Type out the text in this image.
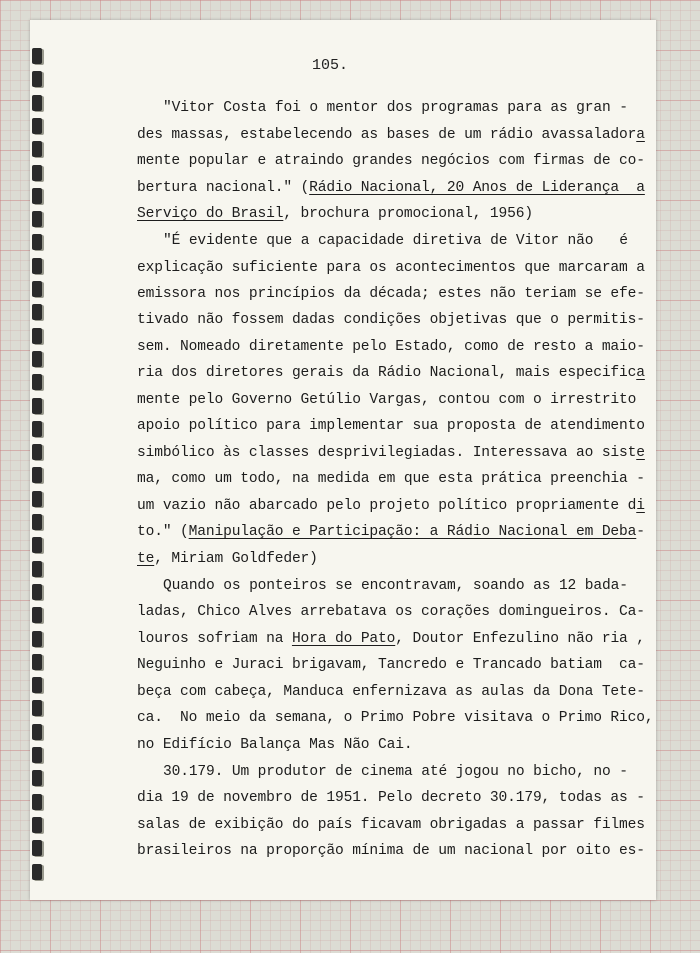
105.

"Vitor Costa foi o mentor dos programas para as gran -

des massas, estabelecendo as bases de um rádio avassaladora

mente popular e atraindo grandes negócios com firmas de co-

bertura nacional." (Rádio Nacional, 20 Anos de Liderança  a

Serviço do Brasil, brochura promocional, 1956)

"É evidente que a capacidade diretiva de Vitor não   é

explicação suficiente para os acontecimentos que marcaram a

emissora nos princípios da década; estes não teriam se efe-

tivado não fossem dadas condições objetivas que o permitis-

sem. Nomeado diretamente pelo Estado, como de resto a maio-

ria dos diretores gerais da Rádio Nacional, mais especifica

mente pelo Governo Getúlio Vargas, contou com o irrestrito

apoio político para implementar sua proposta de atendimento

simbólico às classes desprivilegiadas. Interessava ao siste

ma, como um todo, na medida em que esta prática preenchia -

um vazio não abarcado pelo projeto político propriamente di

to." (Manipulação e Participação: a Rádio Nacional em Deba-

te, Miriam Goldfeder)

Quando os ponteiros se encontravam, soando as 12 bada-

ladas, Chico Alves arrebatava os corações domingueiros. Ca-

louros sofriam na Hora do Pato, Doutor Enfezulino não ria ,

Neguinho e Juraci brigavam, Tancredo e Trancado batiam  ca-

beça com cabeça, Manduca enfernizava as aulas da Dona Tete-

ca.  No meio da semana, o Primo Pobre visitava o Primo Rico,

no Edifício Balança Mas Não Cai.

30.179. Um produtor de cinema até jogou no bicho, no -

dia 19 de novembro de 1951. Pelo decreto 30.179, todas as -

salas de exibição do país ficavam obrigadas a passar filmes

brasileiros na proporção mínima de um nacional por oito es-
